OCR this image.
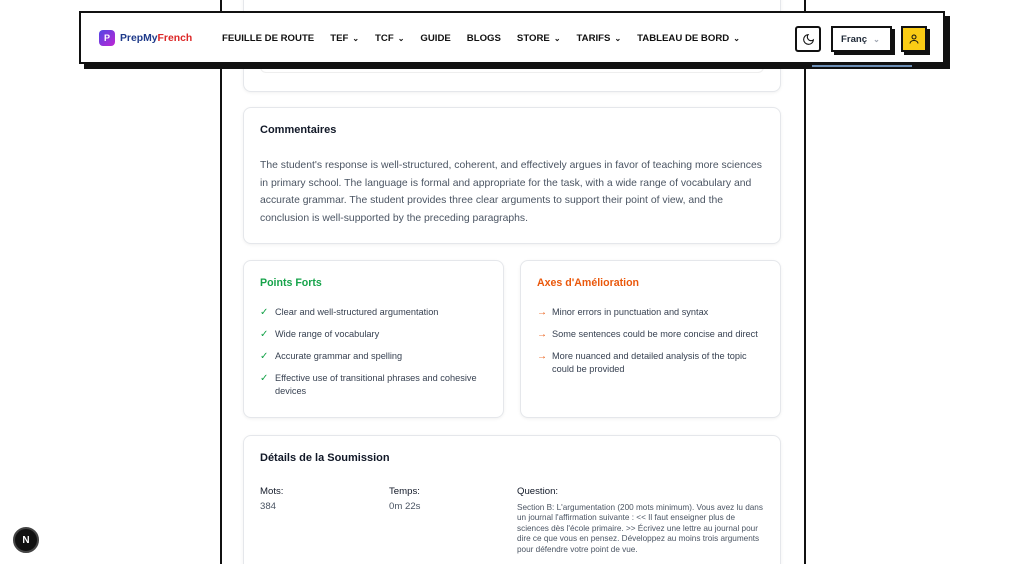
Commentaires

The student's response is well-structured, coherent, and effectively argues in favor of teaching more sciences in primary school. The language is formal and appropriate for the task, with a wide range of vocabulary and accurate grammar. The student provides three clear arguments to support their point of view, and the conclusion is well-supported by the preceding paragraphs.

Points Forts
✓ Clear and well-structured argumentation
✓ Wide range of vocabulary
✓ Accurate grammar and spelling
✓ Effective use of transitional phrases and cohesive devices
Axes d'Amélioration
→ Minor errors in punctuation and syntax
→ Some sentences could be more concise and direct
→ More nuanced and detailed analysis of the topic could be provided
Détails de la Soumission
Mots:
384
Temps:
0m 22s
Question:
Section B: L'argumentation (200 mots minimum). Vous avez lu dans un journal l'affirmation suivante : << Il faut enseigner plus de sciences dès l'école primaire. >> Écrivez une lettre au journal pour dire ce que vous en pensez. Développez au moins trois arguments pour défendre votre point de vue.
P PrepMyFrench	FEUILLE DE ROUTE TEF ⌄ TCF ⌄ GUIDE BLOGS STORE ⌄ TARIFS ⌄ TABLEAU DE BORD ⌄	Franç ⌄
N
